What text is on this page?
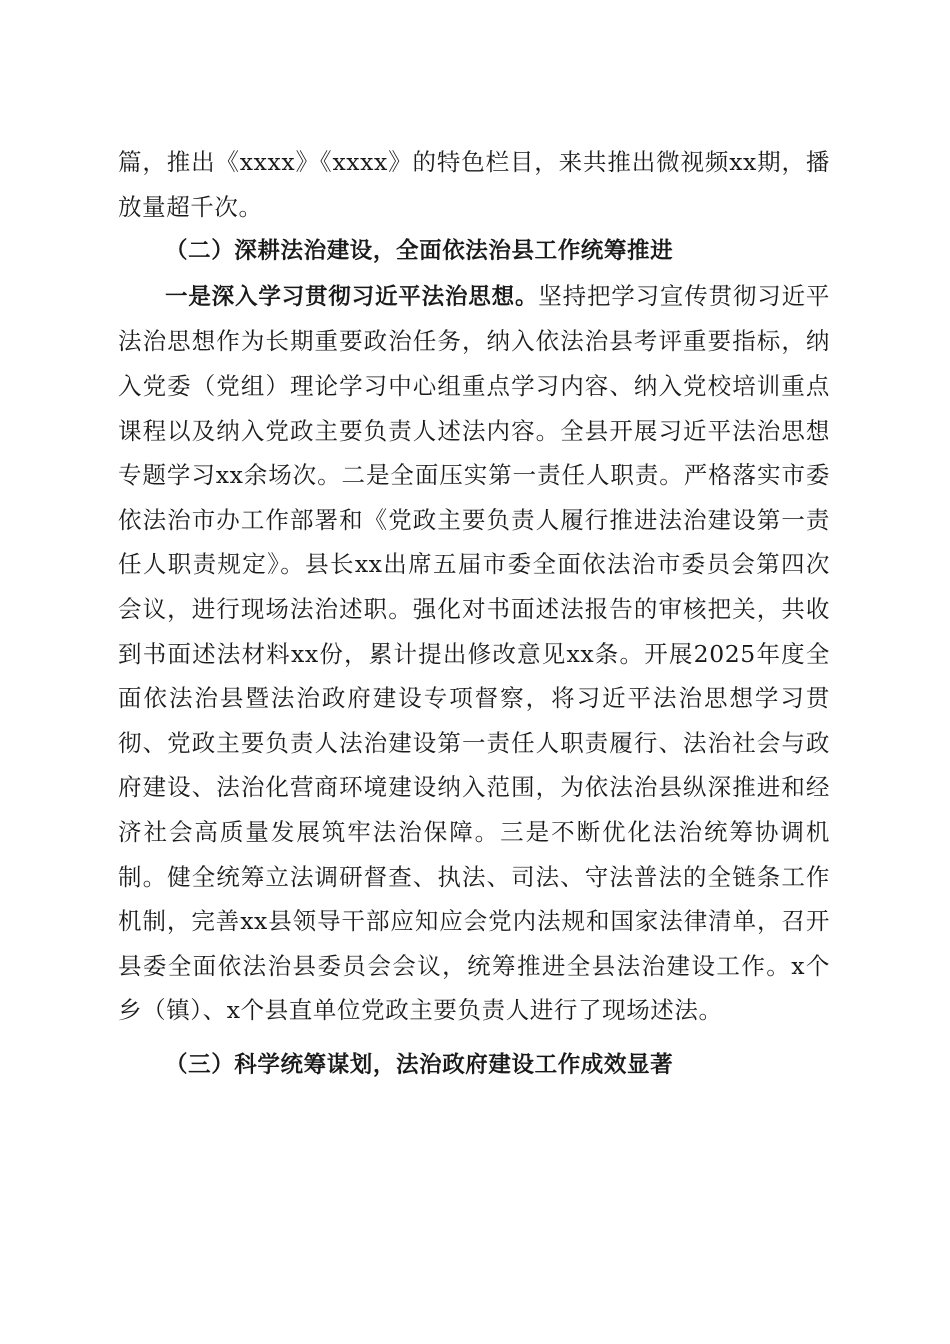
篇，推出《xxxx》《xxxx》的特色栏目，来共推出微视频xx期，播放量超千次。

（二）深耕法治建设，全面依法治县工作统筹推进

一是深入学习贯彻习近平法治思想。坚持把学习宣传贯彻习近平法治思想作为长期重要政治任务，纳入依法治县考评重要指标，纳入党委（党组）理论学习中心组重点学习内容、纳入党校培训重点课程以及纳入党政主要负责人述法内容。全县开展习近平法治思想专题学习xx余场次。二是全面压实第一责任人职责。严格落实市委依法治市办工作部署和《党政主要负责人履行推进法治建设第一责任人职责规定》。县长xx出席五届市委全面依法治市委员会第四次会议，进行现场法治述职。强化对书面述法报告的审核把关，共收到书面述法材料xx份，累计提出修改意见xx条。开展2025年度全面依法治县暨法治政府建设专项督察，将习近平法治思想学习贯彻、党政主要负责人法治建设第一责任人职责履行、法治社会与政府建设、法治化营商环境建设纳入范围，为依法治县纵深推进和经济社会高质量发展筑牢法治保障。三是不断优化法治统筹协调机制。健全统筹立法调研督查、执法、司法、守法普法的全链条工作机制，完善xx县领导干部应知应会党内法规和国家法律清单，召开县委全面依法治县委员会会议，统筹推进全县法治建设工作。x个乡（镇）、x个县直单位党政主要负责人进行了现场述法。

（三）科学统筹谋划，法治政府建设工作成效显著
